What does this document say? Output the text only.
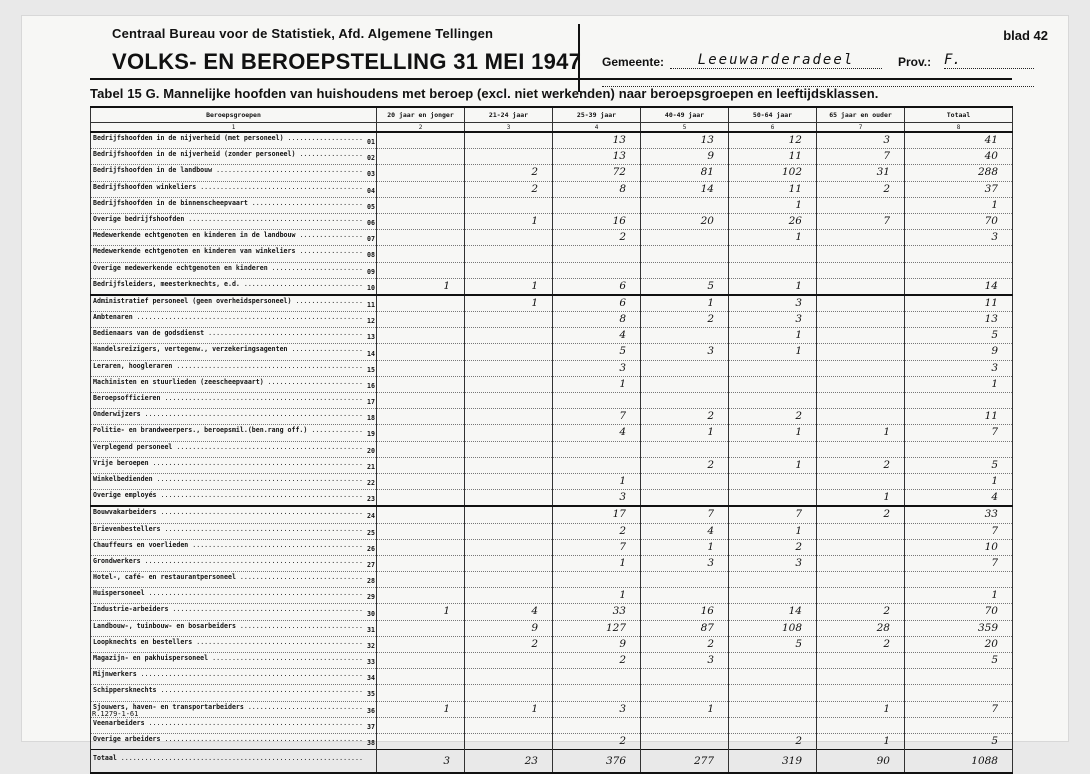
Centraal Bureau voor de Statistiek, Afd. Algemene Tellingen
VOLKS- EN BEROEPSTELLING 31 MEI 1947
blad 42
Gemeente:	Leeuwarderadeel	Prov.: F.
Tabel 15 G. Mannelijke hoofden van huishoudens met beroep (excl. niet werkenden) naar beroepsgroepen en leeftijdsklassen.
Beroepsgroepen	20 jaar en jonger	21-24 jaar	25-39 jaar	40-49 jaar	50-64 jaar	65 jaar en ouder	Totaal
1	2	3	4	5	6	7	8
Bedrijfshoofden in de nijverheid (met personeel) .....01			13	13	12	3	41
Bedrijfshoofden in de nijverheid (zonder personeel) .....02			13	9	11	7	40
Bedrijfshoofden in de landbouw .....03		2	72	81	102	31	288
Bedrijfshoofden winkeliers .....04		2	8	14	11	2	37
Bedrijfshoofden in de binnenscheepvaart .....05					1		1
Overige bedrijfshoofden .....06		1	16	20	26	7	70
Medewerkende echtgenoten en kinderen in de landbouw .....07			2		1		3
Medewerkende echtgenoten en kinderen van winkeliers .....08							
Overige medewerkende echtgenoten en kinderen .....09							
Bedrijfsleiders, meesterknechts, e.d. .....10	1	1	6	5	1		14
Administratief personeel (geen overheidspersoneel) .....11		1	6	1	3		11
Ambtenaren .....12			8	2	3		13
Bedienaars van de godsdienst .....13			4		1		5
Handelsreizigers, vertegenw., verzekeringsagenten .....14			5	3	1		9
Leraren, hoogleraren .....15			3				3
Machinisten en stuurlieden (zeescheepvaart) .....16			1				1
Beroepsofficieren .....17							
Onderwijzers .....18			7	2	2		11
Politie- en brandweerpers., beroepsmil.(ben.rang off.) .....19			4	1	1	1	7
Verplegend personeel .....20							
Vrije beroepen .....21				2	1	2	5
Winkelbedienden .....22			1				1
Overige employés .....23			3			1	4
Bouwvakarbeiders .....24			17	7	7	2	33
Brievenbestellers .....25			2	4	1		7
Chauffeurs en voerlieden .....26			7	1	2		10
Grondwerkers .....27			1	3	3		7
Hotel-, café- en restaurantpersoneel .....28							
Huispersoneel .....29			1				1
Industrie-arbeiders .....30	1	4	33	16	14	2	70
Landbouw-, tuinbouw- en bosarbeiders .....31		9	127	87	108	28	359
Loopknechts en bestellers .....32		2	9	2	5	2	20
Magazijn- en pakhuispersoneel .....33			2	3			5
Mijnwerkers .....34							
Schippersknechts .....35							
Sjouwers, haven- en transportarbeiders .....36	1	1	3	1		1	7
Veenarbeiders .....37							
Overige arbeiders .....38			2		2	1	5
Totaal .....	3	23	376	277	319	90	1088
R.1279-1-61
